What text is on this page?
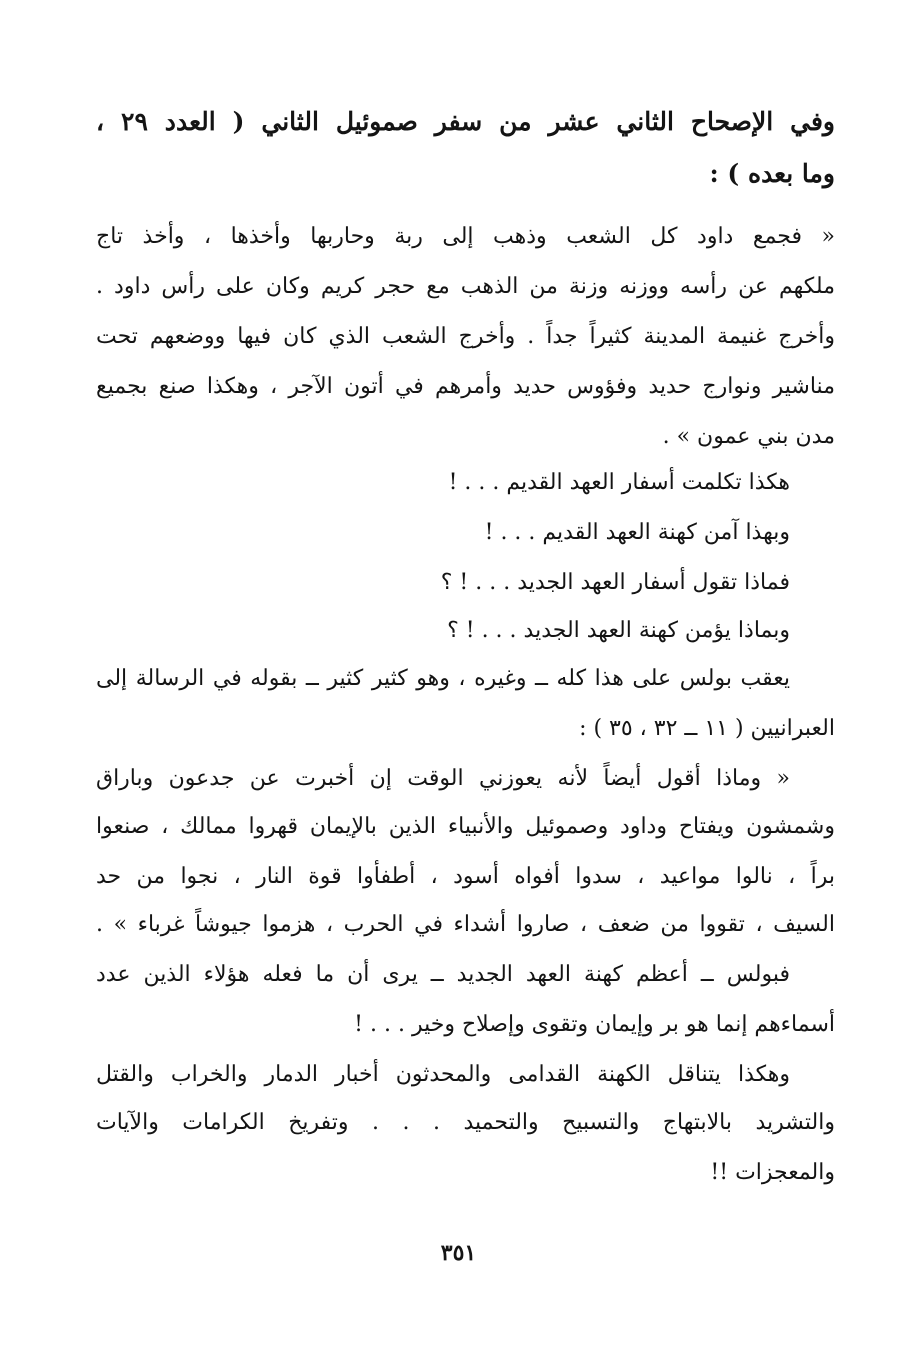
وفي الإصحاح الثاني عشر من سفر صموئيل الثاني ( العدد ٢٩ ،
وما بعده ) :
« فجمع داود كل الشعب وذهب إلى ربة وحاربها وأخذها ، وأخذ تاج
ملكهم عن رأسه ووزنه وزنة من الذهب مع حجر كريم وكان على رأس داود .
وأخرج غنيمة المدينة كثيراً جداً . وأخرج الشعب الذي كان فيها ووضعهم تحت
مناشير ونوارج حديد وفؤوس حديد وأمرهم في أتون الآجر ، وهكذا صنع بجميع
مدن بني عمون » .
هكذا تكلمت أسفار العهد القديم . . . !
وبهذا آمن كهنة العهد القديم . . . !
فماذا تقول أسفار العهد الجديد . . . ! ؟
وبماذا يؤمن كهنة العهد الجديد . . . ! ؟
يعقب بولس على هذا كله ــ وغيره ، وهو كثير كثير ــ بقوله في الرسالة إلى
العبرانيين ( ١١ ــ ٣٢ ، ٣٥ ) :
« وماذا أقول أيضاً لأنه يعوزني الوقت إن أخبرت عن جدعون وباراق
وشمشون ويفتاح وداود وصموئيل والأنبياء الذين بالإيمان قهروا ممالك ، صنعوا
براً ، نالوا مواعيد ، سدوا أفواه أسود ، أطفأوا قوة النار ، نجوا من حد
السيف ، تقووا من ضعف ، صاروا أشداء في الحرب ، هزموا جيوشاً غرباء » .
فبولس ــ أعظم كهنة العهد الجديد ــ يرى أن ما فعله هؤلاء الذين عدد
أسماءهم إنما هو بر وإيمان وتقوى وإصلاح وخير . . . !
وهكذا يتناقل الكهنة القدامى والمحدثون أخبار الدمار والخراب والقتل
والتشريد بالابتهاج والتسبيح والتحميد . . . وتفريخ الكرامات والآيات
والمعجزات !!
٣٥١
